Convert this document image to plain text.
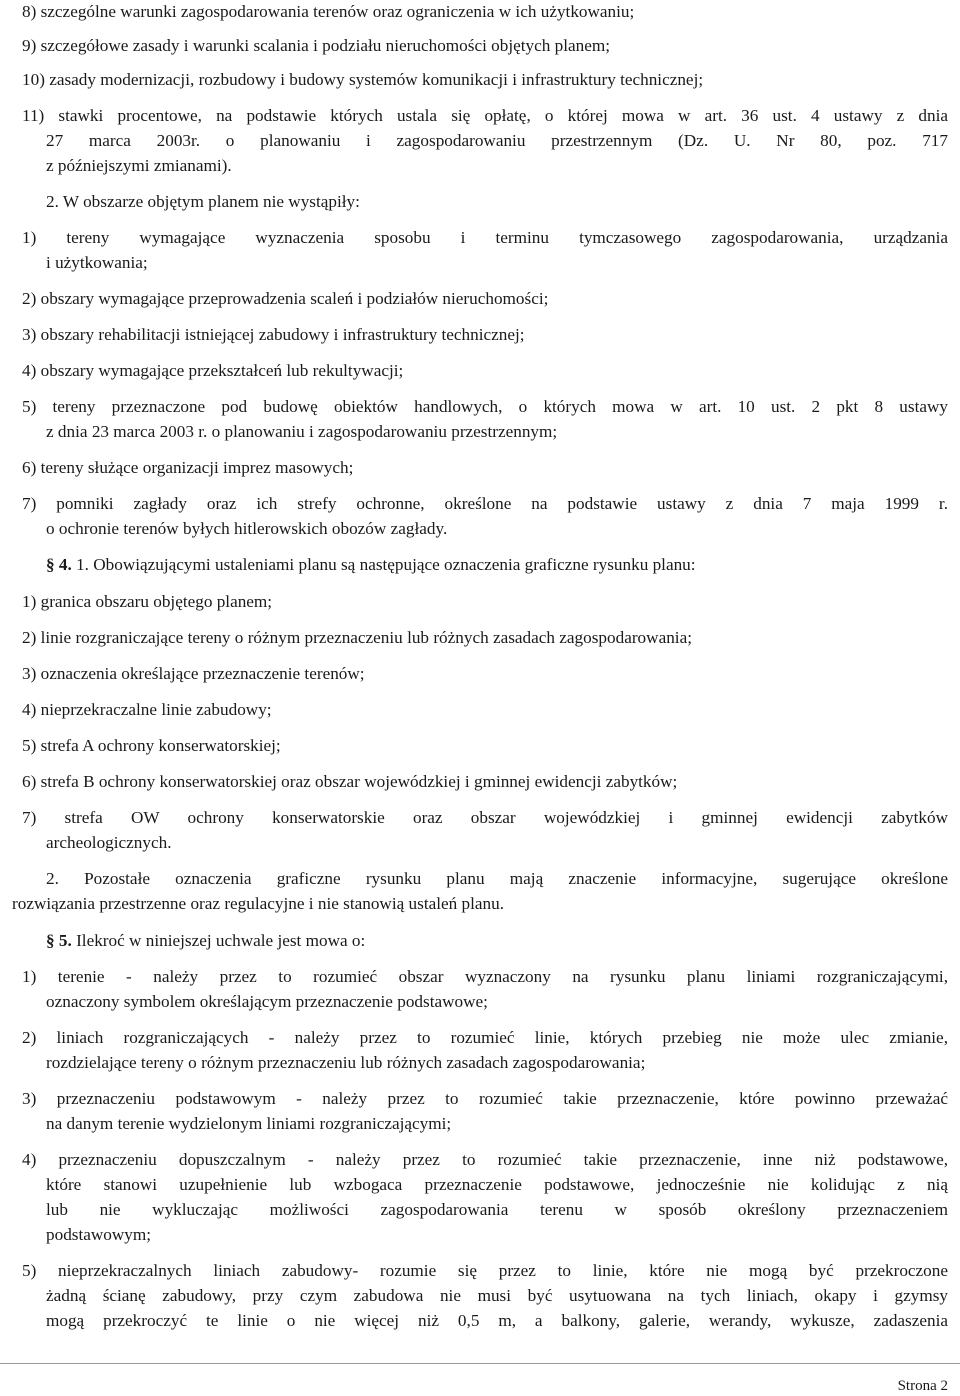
8) szczególne warunki zagospodarowania terenów oraz ograniczenia w ich użytkowaniu;
9) szczegółowe zasady i warunki scalania i podziału nieruchomości objętych planem;
10) zasady modernizacji, rozbudowy i budowy systemów komunikacji i infrastruktury technicznej;
11) stawki procentowe, na podstawie których ustala się opłatę, o której mowa w art. 36 ust. 4 ustawy z dnia
27 marca 2003r. o planowaniu i zagospodarowaniu przestrzennym (Dz. U. Nr 80, poz. 717
z późniejszymi zmianami).
2. W obszarze objętym planem nie wystąpiły:
1) tereny wymagające wyznaczenia sposobu i terminu tymczasowego zagospodarowania, urządzania
i użytkowania;
2) obszary wymagające przeprowadzenia scaleń i podziałów nieruchomości;
3) obszary rehabilitacji istniejącej zabudowy i infrastruktury technicznej;
4) obszary wymagające przekształceń lub rekultywacji;
5) tereny przeznaczone pod budowę obiektów handlowych, o których mowa w art. 10 ust. 2 pkt 8 ustawy
z dnia 23 marca 2003 r. o planowaniu i zagospodarowaniu przestrzennym;
6) tereny służące organizacji imprez masowych;
7) pomniki zagłady oraz ich strefy ochronne, określone na podstawie ustawy z dnia 7 maja 1999 r.
o ochronie terenów byłych hitlerowskich obozów zagłady.
§ 4. 1. Obowiązującymi ustaleniami planu są następujące oznaczenia graficzne rysunku planu:
1) granica obszaru objętego planem;
2) linie rozgraniczające tereny o różnym przeznaczeniu lub różnych zasadach zagospodarowania;
3) oznaczenia określające przeznaczenie terenów;
4) nieprzekraczalne linie zabudowy;
5) strefa A ochrony konserwatorskiej;
6) strefa B ochrony konserwatorskiej oraz obszar wojewódzkiej i gminnej ewidencji zabytków;
7) strefa OW ochrony konserwatorskie oraz obszar wojewódzkiej i gminnej ewidencji zabytków
archeologicznych.
2. Pozostałe oznaczenia graficzne rysunku planu mają znaczenie informacyjne, sugerujące określone
rozwiązania przestrzenne oraz regulacyjne i nie stanowią ustaleń planu.
§ 5. Ilekroć w niniejszej uchwale jest mowa o:
1) terenie - należy przez to rozumieć obszar wyznaczony na rysunku planu liniami rozgraniczającymi,
oznaczony symbolem określającym przeznaczenie podstawowe;
2) liniach rozgraniczających - należy przez to rozumieć linie, których przebieg nie może ulec zmianie,
rozdzielające tereny o różnym przeznaczeniu lub różnych zasadach zagospodarowania;
3) przeznaczeniu podstawowym - należy przez to rozumieć takie przeznaczenie, które powinno przeważać
na danym terenie wydzielonym liniami rozgraniczającymi;
4) przeznaczeniu dopuszczalnym - należy przez to rozumieć takie przeznaczenie, inne niż podstawowe,
które stanowi uzupełnienie lub wzbogaca przeznaczenie podstawowe, jednocześnie nie kolidując z nią
lub nie wykluczając możliwości zagospodarowania terenu w sposób określony przeznaczeniem
podstawowym;
5) nieprzekraczalnych liniach zabudowy- rozumie się przez to linie, które nie mogą być przekroczone
żadną ścianę zabudowy, przy czym zabudowa nie musi być usytuowana na tych liniach, okapy i gzymsy
mogą przekroczyć te linie o nie więcej niż 0,5 m, a balkony, galerie, werandy, wykusze, zadaszenia
Strona 2
